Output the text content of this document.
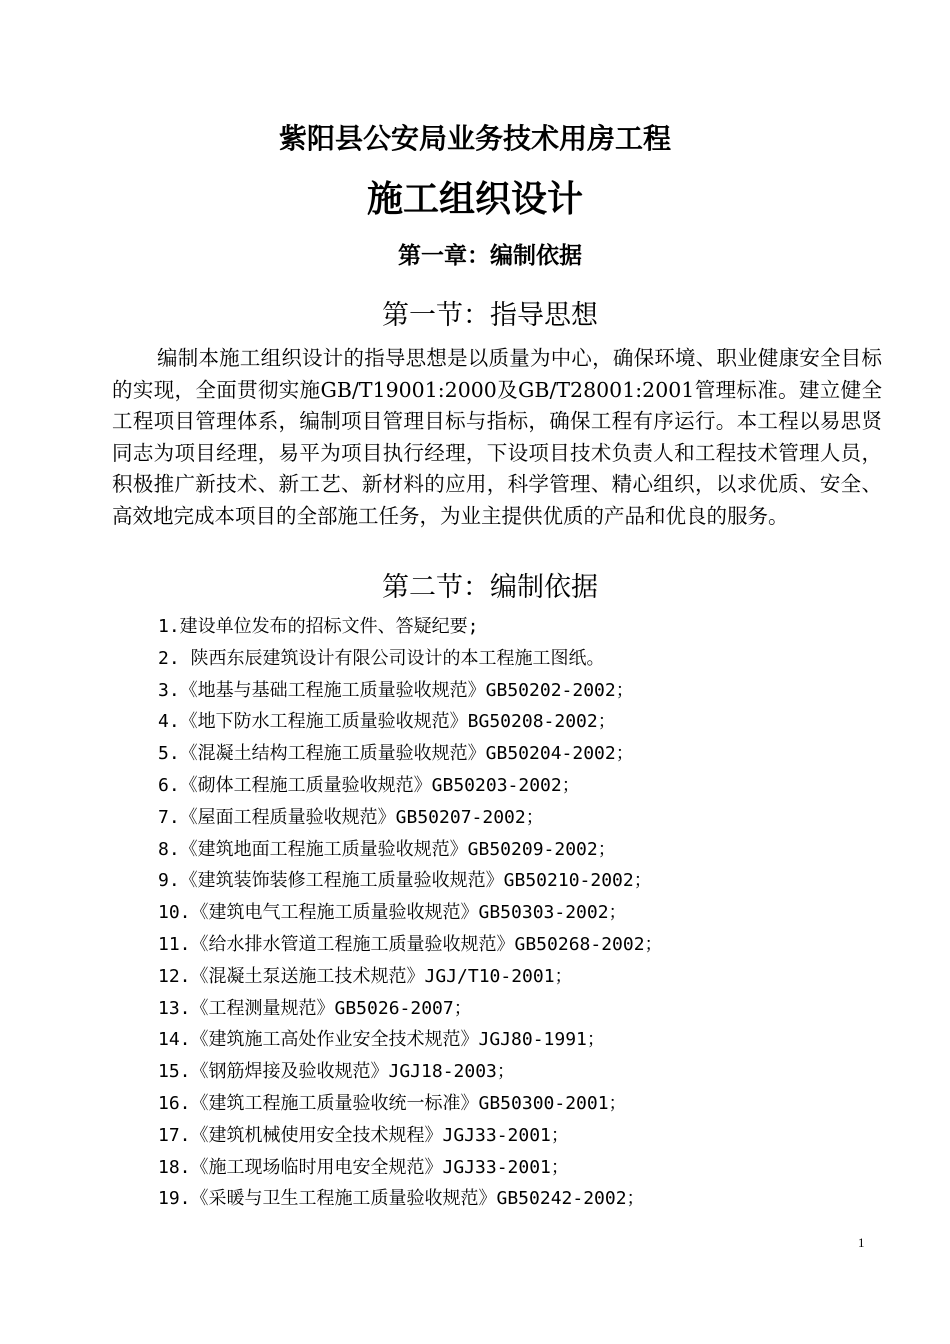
紫阳县公安局业务技术用房工程
施工组织设计
第一章：编制依据
第一节：指导思想
编制本施工组织设计的指导思想是以质量为中心，确保环境、职业健康安全目标的实现，全面贯彻实施GB/T19001:2000及GB/T28001:2001管理标准。建立健全工程项目管理体系，编制项目管理目标与指标，确保工程有序运行。本工程以易思贤同志为项目经理，易平为项目执行经理，下设项目技术负责人和工程技术管理人员，积极推广新技术、新工艺、新材料的应用，科学管理、精心组织，以求优质、安全、高效地完成本项目的全部施工任务，为业主提供优质的产品和优良的服务。
第二节：编制依据
1.建设单位发布的招标文件、答疑纪要;
2. 陕西东辰建筑设计有限公司设计的本工程施工图纸。
3.《地基与基础工程施工质量验收规范》GB50202-2002；
4.《地下防水工程施工质量验收规范》BG50208-2002；
5.《混凝土结构工程施工质量验收规范》GB50204-2002；
6.《砌体工程施工质量验收规范》GB50203-2002；
7.《屋面工程质量验收规范》GB50207-2002；
8.《建筑地面工程施工质量验收规范》GB50209-2002；
9.《建筑装饰装修工程施工质量验收规范》GB50210-2002；
10.《建筑电气工程施工质量验收规范》GB50303-2002；
11.《给水排水管道工程施工质量验收规范》GB50268-2002；
12.《混凝土泵送施工技术规范》JGJ/T10-2001；
13.《工程测量规范》GB5026-2007；
14.《建筑施工高处作业安全技术规范》JGJ80-1991；
15.《钢筋焊接及验收规范》JGJ18-2003；
16.《建筑工程施工质量验收统一标准》GB50300-2001；
17.《建筑机械使用安全技术规程》JGJ33-2001；
18.《施工现场临时用电安全规范》JGJ33-2001；
19.《采暖与卫生工程施工质量验收规范》GB50242-2002；
1
